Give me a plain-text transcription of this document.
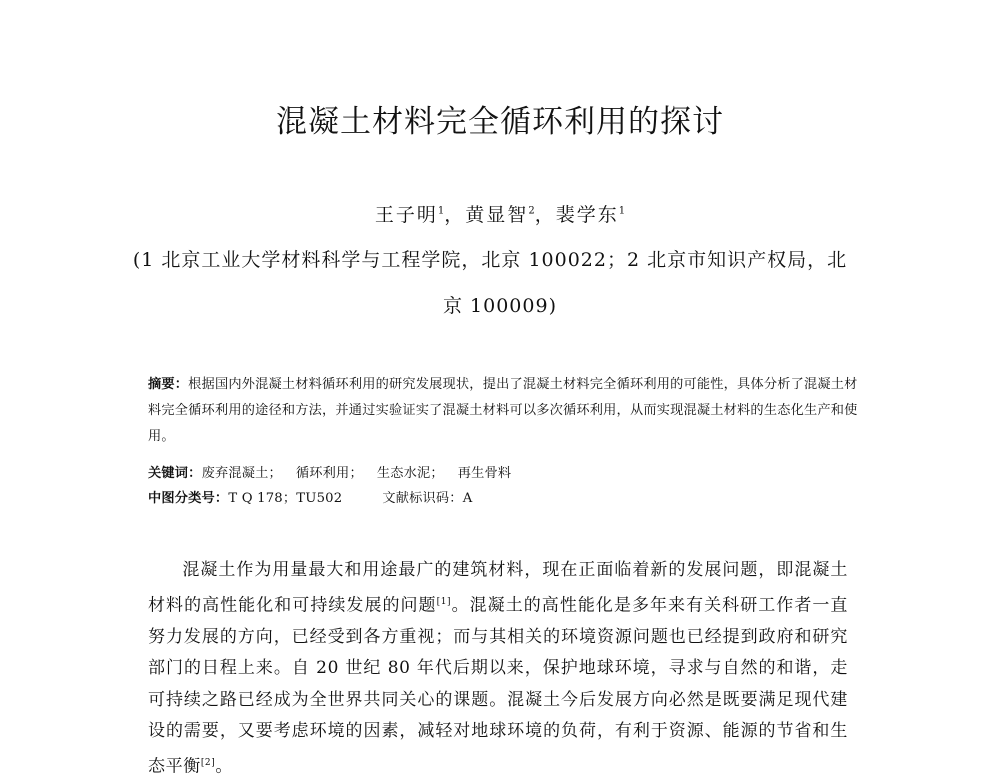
混凝土材料完全循环利用的探讨
王子明$^1$，黄显智$^2$，裴学东$^1$
(1 北京工业大学材料科学与工程学院，北京 100022；2 北京市知识产权局，北
京 100009)
摘要：根据国内外混凝土材料循环利用的研究发展现状，提出了混凝土材料完全循环利用的可能性，具体分析了混凝土材料完全循环利用的途径和方法，并通过实验证实了混凝土材料可以多次循环利用，从而实现混凝土材料的生态化生产和使用。
关键词：废弃混凝土； 循环利用； 生态水泥； 再生骨料
中图分类号：T Q 178；TU502	文献标识码：A
混凝土作为用量最大和用途最广的建筑材料，现在正面临着新的发展问题，即混凝土材料的高性能化和可持续发展的问题[1]。混凝土的高性能化是多年来有关科研工作者一直努力发展的方向，已经受到各方重视；而与其相关的环境资源问题也已经提到政府和研究部门的日程上来。自 20 世纪 80 年代后期以来，保护地球环境，寻求与自然的和谐，走可持续之路已经成为全世界共同关心的课题。混凝土今后发展方向必然是既要满足现代建设的需要，又要考虑环境的因素，减轻对地球环境的负荷，有利于资源、能源的节省和生态平衡[2]。
